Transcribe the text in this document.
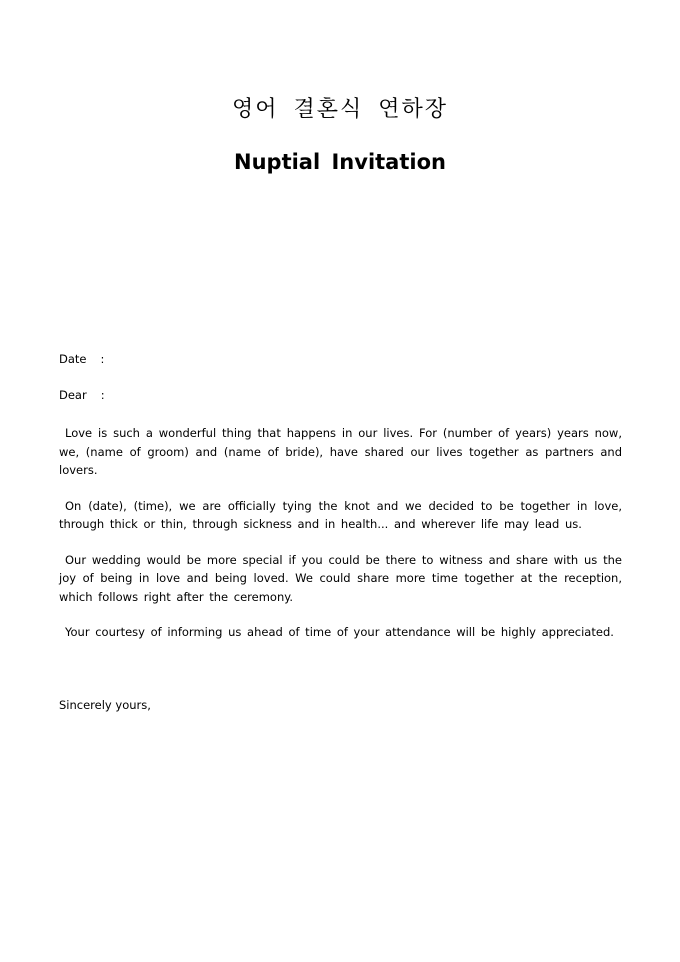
영어 결혼식 연하장
Nuptial Invitation
Date :
Dear :

Love is such a wonderful thing that happens in our lives. For (number of years) years now, we, (name of groom) and (name of bride), have shared our lives together as partners and lovers.

On (date), (time), we are officially tying the knot and we decided to be together in love, through thick or thin, through sickness and in health... and wherever life may lead us.

Our wedding would be more special if you could be there to witness and share with us the joy of being in love and being loved. We could share more time together at the reception, which follows right after the ceremony.

Your courtesy of informing us ahead of time of your attendance will be highly appreciated.

Sincerely yours,
